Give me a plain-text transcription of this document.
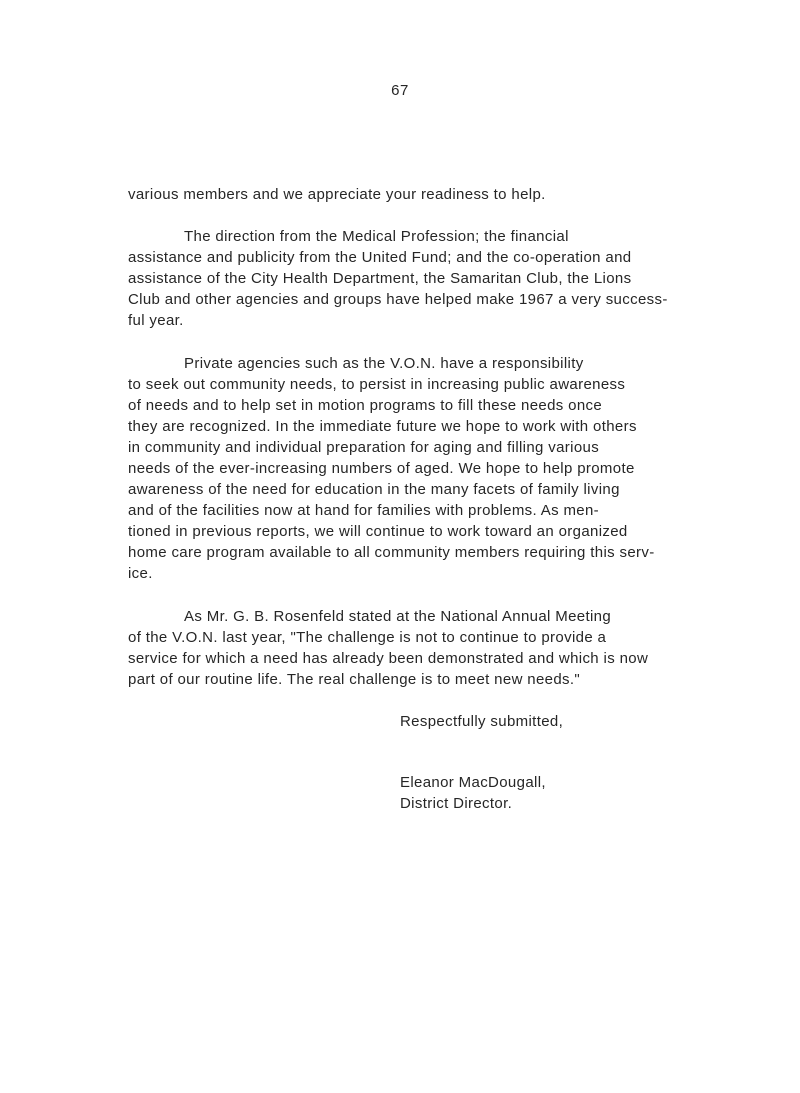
67
various members and we appreciate your readiness to help.
The direction from the Medical Profession; the financial
assistance and publicity from the United Fund; and the co-operation and
assistance of the City Health Department, the Samaritan Club, the Lions
Club and other agencies and groups have helped make 1967 a very success-
ful year.
Private agencies such as the V.O.N. have a responsibility
to seek out community needs, to persist in increasing public awareness
of needs and to help set in motion programs to fill these needs once
they are recognized. In the immediate future we hope to work with others
in community and individual preparation for aging and filling various
needs of the ever-increasing numbers of aged. We hope to help promote
awareness of the need for education in the many facets of family living
and of the facilities now at hand for families with problems. As men-
tioned in previous reports, we will continue to work toward an organized
home care program available to all community members requiring this serv-
ice.
As Mr. G. B. Rosenfeld stated at the National Annual Meeting
of the V.O.N. last year, "The challenge is not to continue to provide a
service for which a need has already been demonstrated and which is now
part of our routine life. The real challenge is to meet new needs."
Respectfully submitted,
Eleanor MacDougall,
District Director.
